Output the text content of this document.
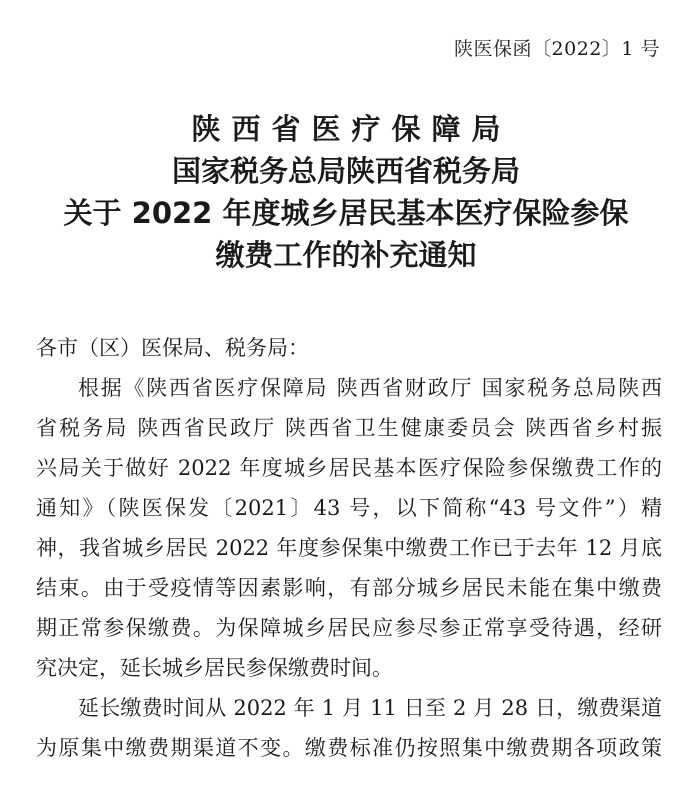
陕医保函〔2022〕1 号
陕西省医疗保障局
国家税务总局陕西省税务局
关于 2022 年度城乡居民基本医疗保险参保
缴费工作的补充通知
各市（区）医保局、税务局：
根据《陕西省医疗保障局 陕西省财政厅 国家税务总局陕西
省税务局 陕西省民政厅 陕西省卫生健康委员会 陕西省乡村振
兴局关于做好 2022 年度城乡居民基本医疗保险参保缴费工作的
通知》（陕医保发〔2021〕43 号，以下简称“43 号文件”）精
神，我省城乡居民 2022 年度参保集中缴费工作已于去年 12 月底
结束。由于受疫情等因素影响，有部分城乡居民未能在集中缴费
期正常参保缴费。为保障城乡居民应参尽参正常享受待遇，经研
究决定，延长城乡居民参保缴费时间。
延长缴费时间从 2022 年 1 月 11 日至 2 月 28 日，缴费渠道
为原集中缴费期渠道不变。缴费标准仍按照集中缴费期各项政策
